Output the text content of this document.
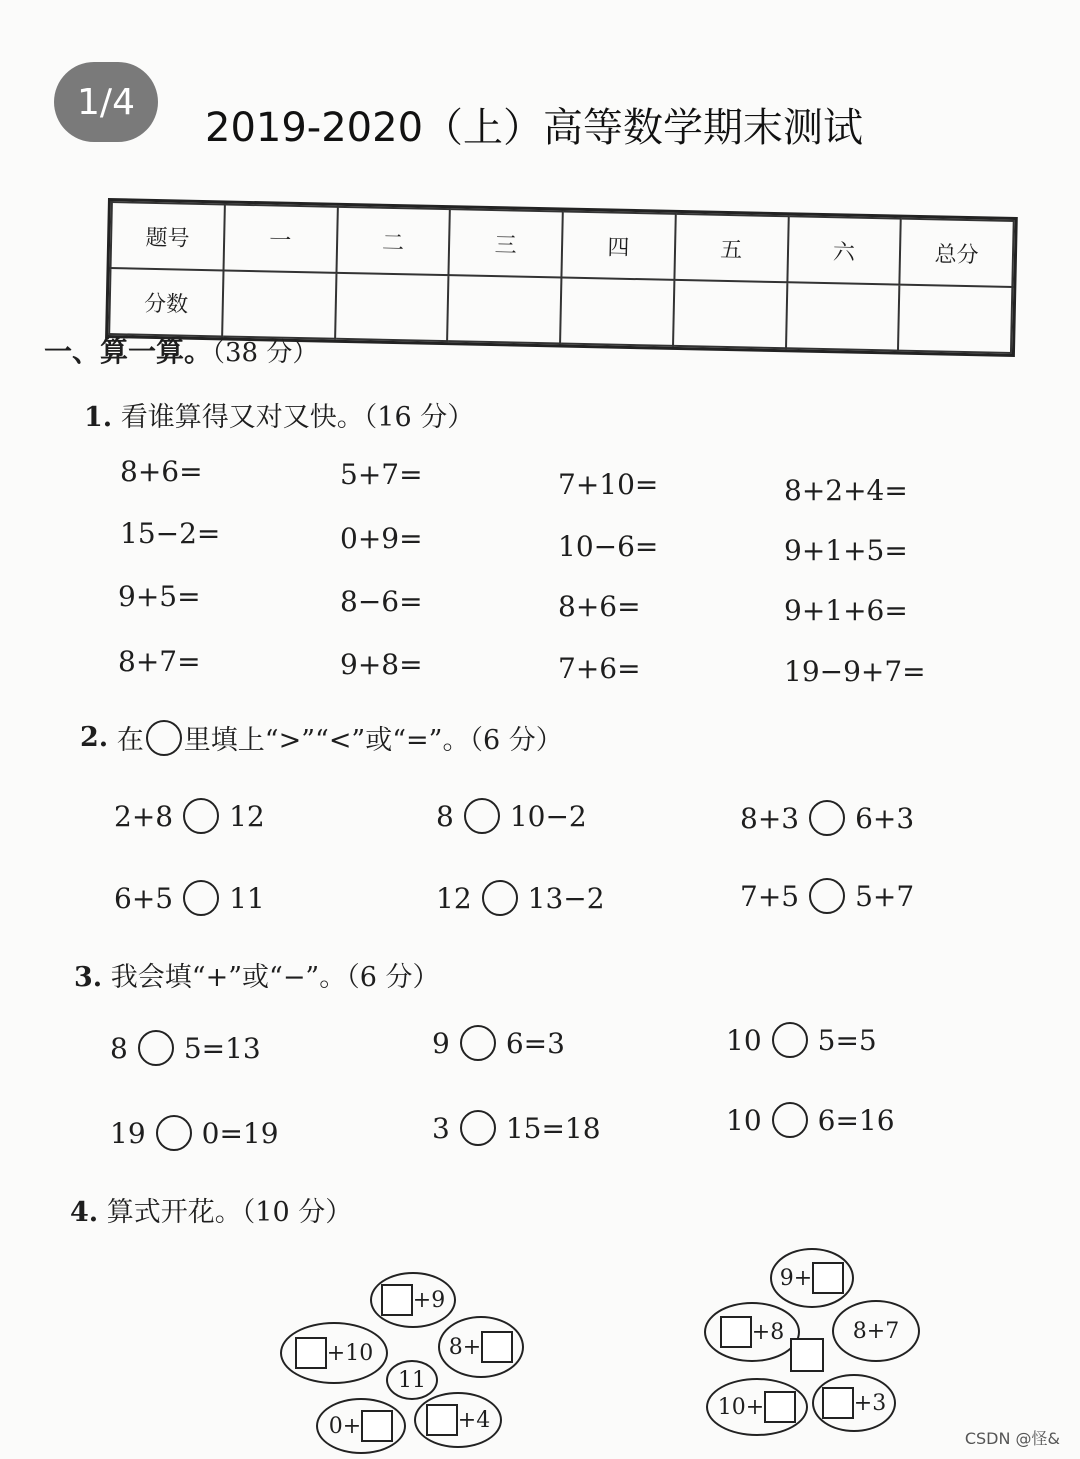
1/4
2019-2020（上）高等数学期末测试
题号	一	二	三	四	五	六	总分
分数							
一、算一算。（38 分）
1. 看谁算得又对又快。（16 分）
8+6=	5+7=	7+10=	8+2+4=
15−2=	0+9=	10−6=	9+1+5=
9+5=	8−6=	8+6=	9+1+6=
8+7=	9+8=	7+6=	19−9+7=
2.
在 里填上“>”“<”或“=”。（6 分）
2+8 12	8 10−2	8+3 6+3
6+5 11	12 13−2	7+5 5+7
3. 我会填“+”或“−”。（6 分）
8 5=13	9 6=3	10 5=5
19 0=19	3 15=18	10 6=16
4. 算式开花。（10 分）
+9
+10	8+
11
0+	+4
9+
+8	8+7
10+	+3
CSDN @怪&
